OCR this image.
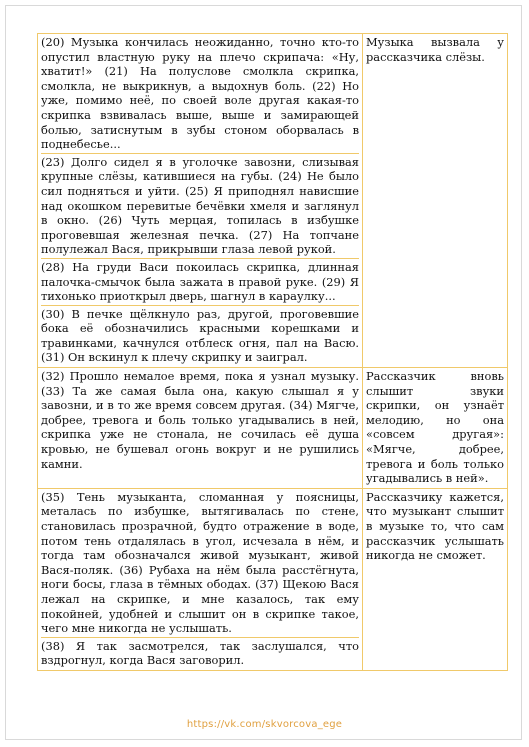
(20) Музыка кончилась неожиданно, точно кто-то опустил властную руку на плечо скрипача: «Ну, хватит!» (21) На полуслове смолкла скрипка, смолкла, не выкрикнув, а выдохнув боль. (22) Но уже, помимо неё, по своей воле другая какая-то скрипка взвивалась выше, выше и замирающей болью, затиснутым в зубы стоном оборвалась в поднебесье...

(23) Долго сидел я в уголочке завозни, слизывая крупные слёзы, катившиеся на губы. (24) Не было сил подняться и уйти. (25) Я приподнял нависшие над окошком перевитые бечёвки хмеля и заглянул в окно. (26) Чуть мерцая, топилась в избушке проговевшая железная печка. (27) На топчане полулежал Вася, прикрывши глаза левой рукой.

(28) На груди Васи покоилась скрипка, длинная палочка-смычок была зажата в правой руке. (29) Я тихонько приоткрыл дверь, шагнул в караулку...

(30) В печке щёлкнуло раз, другой, проговевшие бока её обозначились красными корешками и травинками, качнулся отблеск огня, пал на Васю. (31) Он вскинул к плечу скрипку и заиграл.	Музыка вызвала у рассказчика слёзы.

(32) Прошло немалое время, пока я узнал музыку. (33) Та же самая была она, какую слышал я у завозни, и в то же время совсем другая. (34) Мягче, добрее, тревога и боль только угадывались в ней, скрипка уже не стонала, не сочилась её душа кровью, не бушевал огонь вокруг и не рушились камни.	Рассказчик вновь слышит звуки скрипки, он узнаёт мелодию, но она «совсем другая»: «Мягче, добрее, тревога и боль только угадывались в ней».

(35) Тень музыканта, сломанная у поясницы, металась по избушке, вытягивалась по стене, становилась прозрачной, будто отражение в воде, потом тень отдалялась в угол, исчезала в нём, и тогда там обозначался живой музыкант, живой Вася-поляк. (36) Рубаха на нём была расстёгнута, ноги босы, глаза в тёмных ободах. (37) Щекою Вася лежал на скрипке, и мне казалось, так ему покойней, удобней и слышит он в скрипке такое, чего мне никогда не услышать.

(38) Я так засмотрелся, так заслушался, что вздрогнул, когда Вася заговорил.	Рассказчику кажется, что музыкант слышит в музыке то, что сам рассказчик услышать никогда не сможет.
https://vk.com/skvorcova_ege
